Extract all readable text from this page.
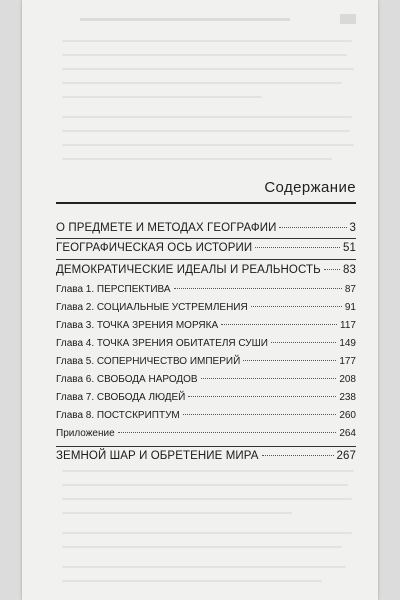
Содержание
О ПРЕДМЕТЕ И МЕТОДАХ ГЕОГРАФИИ	3
ГЕОГРАФИЧЕСКАЯ ОСЬ ИСТОРИИ	51
ДЕМОКРАТИЧЕСКИЕ ИДЕАЛЫ И РЕАЛЬНОСТЬ 83
Глава 1. ПЕРСПЕКТИВА	87
Глава 2. СОЦИАЛЬНЫЕ УСТРЕМЛЕНИЯ	91
Глава 3. ТОЧКА ЗРЕНИЯ МОРЯКА	117
Глава 4. ТОЧКА ЗРЕНИЯ ОБИТАТЕЛЯ СУШИ	149
Глава 5. СОПЕРНИЧЕСТВО ИМПЕРИЙ	177
Глава 6. СВОБОДА НАРОДОВ	208
Глава 7. СВОБОДА ЛЮДЕЙ	238
Глава 8. ПОСТСКРИПТУМ	260
Приложение	264
ЗЕМНОЙ ШАР И ОБРЕТЕНИЕ МИРА	267
